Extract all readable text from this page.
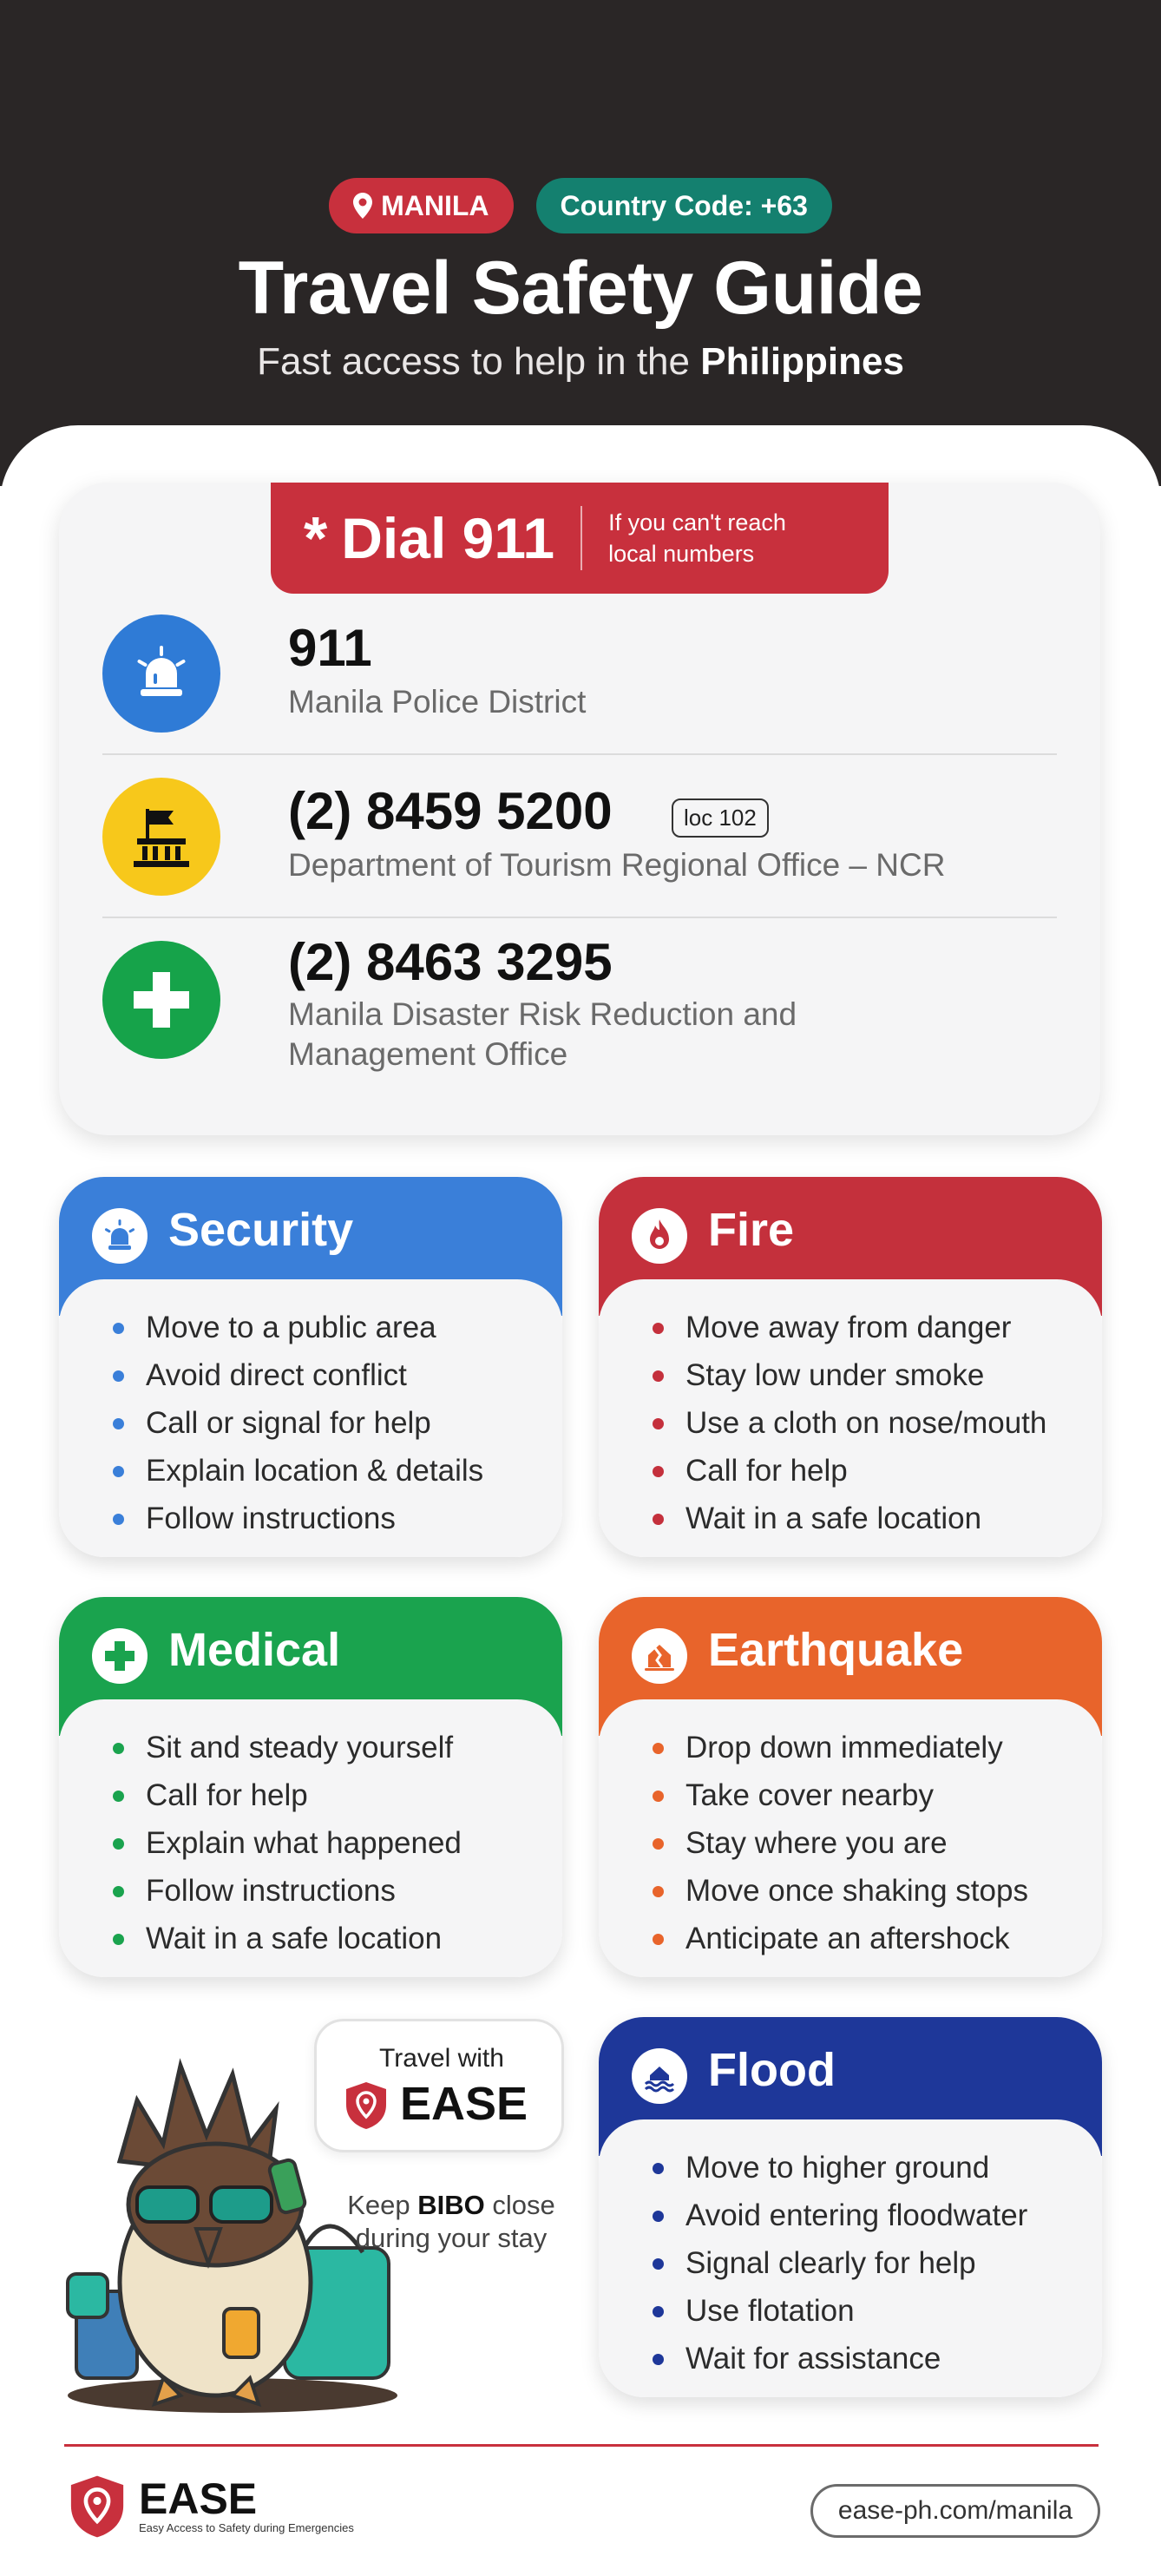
MANILA	Country Code: +63
Travel Safety Guide
Fast access to help in the Philippines
* Dial 911 If you can't reach local numbers
911
Manila Police District
(2) 8459 5200	loc 102
Department of Tourism Regional Office – NCR
(2) 8463 3295
Manila Disaster Risk Reduction and Management Office
Security
Move to a public area
Avoid direct conflict
Call or signal for help
Explain location & details
Follow instructions
Fire
Move away from danger
Stay low under smoke
Use a cloth on nose/mouth
Call for help
Wait in a safe location
Medical
Sit and steady yourself
Call for help
Explain what happened
Follow instructions
Wait in a safe location
Earthquake
Drop down immediately
Take cover nearby
Stay where you are
Move once shaking stops
Anticipate an aftershock
Flood
Move to higher ground
Avoid entering floodwater
Signal clearly for help
Use flotation
Wait for assistance
Travel with
EASE
Keep BIBO close during your stay
EASE
Easy Access to Safety during Emergencies
ease-ph.com/manila
